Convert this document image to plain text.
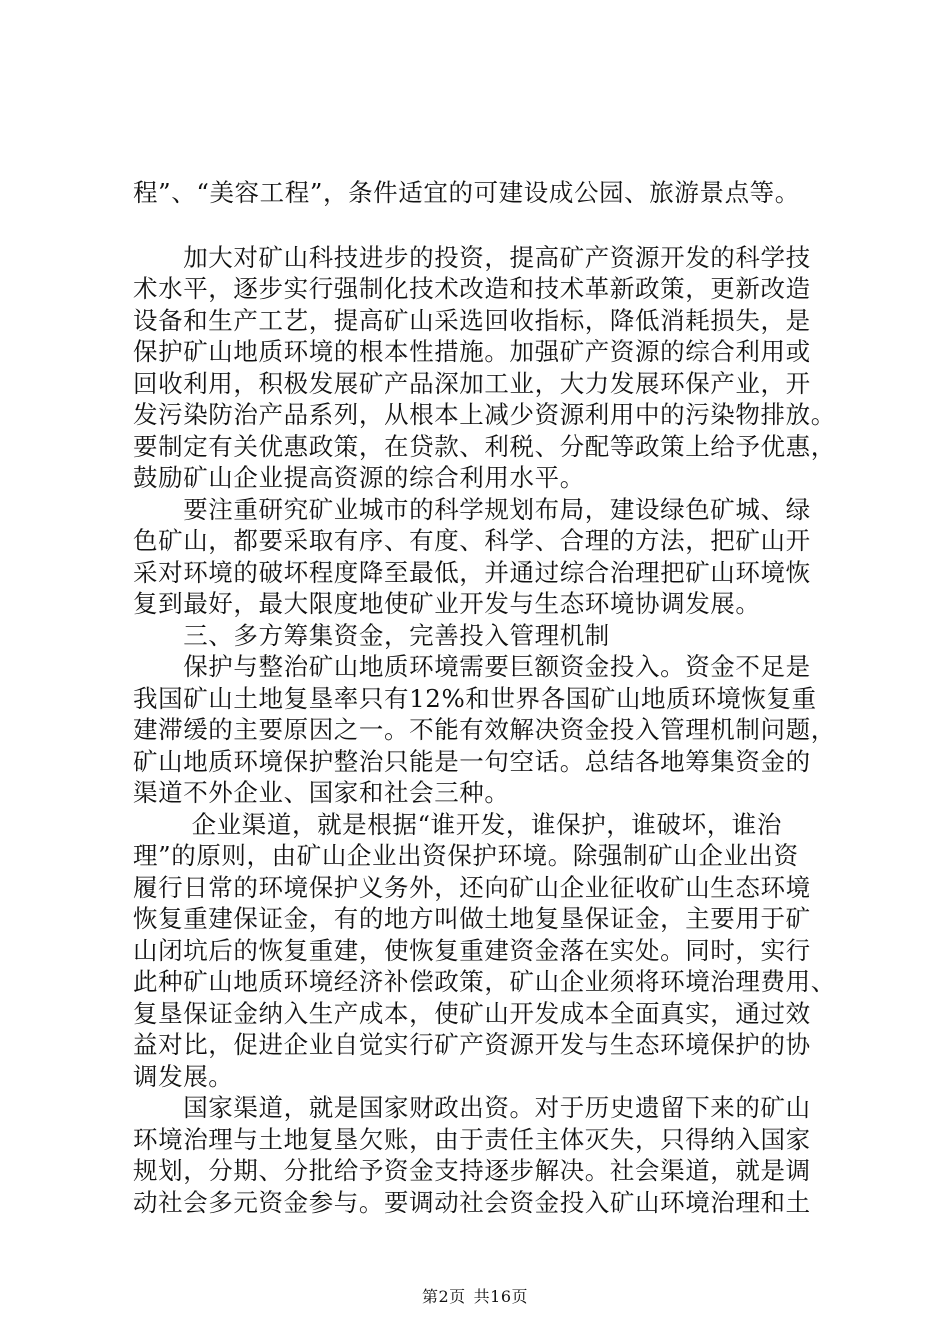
程”、“美容工程”，条件适宜的可建设成公园、旅游景点等。
　　加大对矿山科技进步的投资，提高矿产资源开发的科学技
术水平，逐步实行强制化技术改造和技术革新政策，更新改造
设备和生产工艺，提高矿山采选回收指标，降低消耗损失，是
保护矿山地质环境的根本性措施。加强矿产资源的综合利用或
回收利用，积极发展矿产品深加工业，大力发展环保产业，开
发污染防治产品系列，从根本上减少资源利用中的污染物排放。
要制定有关优惠政策，在贷款、利税、分配等政策上给予优惠，
鼓励矿山企业提高资源的综合利用水平。
　　要注重研究矿业城市的科学规划布局，建设绿色矿城、绿
色矿山，都要采取有序、有度、科学、合理的方法，把矿山开
采对环境的破坏程度降至最低，并通过综合治理把矿山环境恢
复到最好，最大限度地使矿业开发与生态环境协调发展。
　　三、多方筹集资金，完善投入管理机制
　　保护与整治矿山地质环境需要巨额资金投入。资金不足是
我国矿山土地复垦率只有12%和世界各国矿山地质环境恢复重
建滞缓的主要原因之一。不能有效解决资金投入管理机制问题，
矿山地质环境保护整治只能是一句空话。总结各地筹集资金的
渠道不外企业、国家和社会三种。
　　 企业渠道，就是根据“谁开发，谁保护，谁破坏，谁治
理”的原则，由矿山企业出资保护环境。除强制矿山企业出资
履行日常的环境保护义务外，还向矿山企业征收矿山生态环境
恢复重建保证金，有的地方叫做土地复垦保证金，主要用于矿
山闭坑后的恢复重建，使恢复重建资金落在实处。同时，实行
此种矿山地质环境经济补偿政策，矿山企业须将环境治理费用、
复垦保证金纳入生产成本，使矿山开发成本全面真实，通过效
益对比，促进企业自觉实行矿产资源开发与生态环境保护的协
调发展。
　　国家渠道，就是国家财政出资。对于历史遗留下来的矿山
环境治理与土地复垦欠账，由于责任主体灭失，只得纳入国家
规划，分期、分批给予资金支持逐步解决。社会渠道，就是调
动社会多元资金参与。要调动社会资金投入矿山环境治理和土
第2页 共16页
